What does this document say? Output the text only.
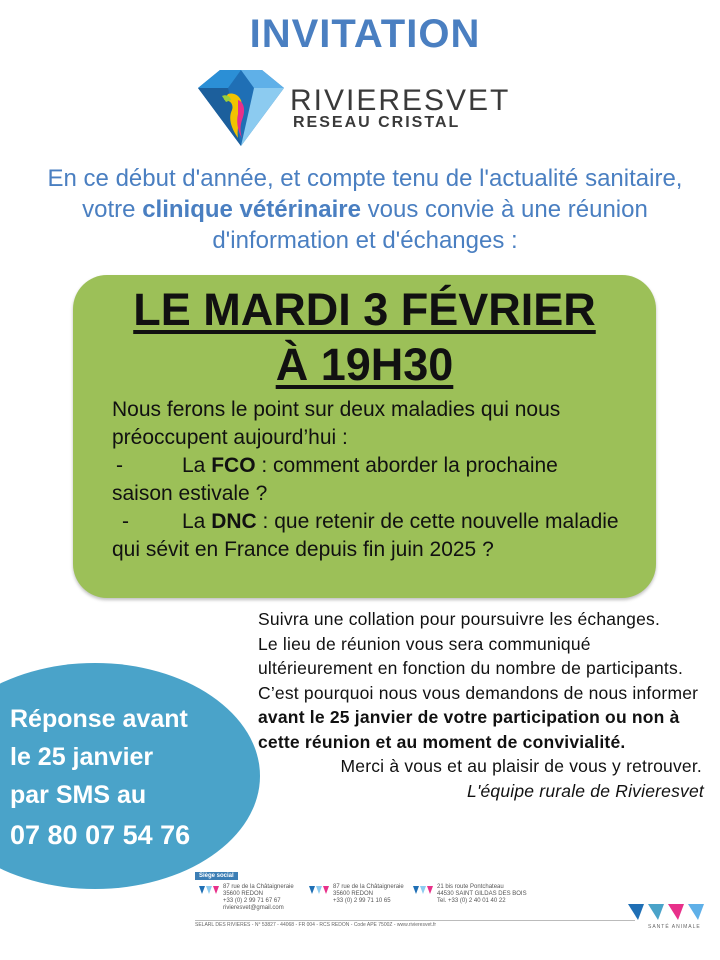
INVITATION
RIVIERESVET
RESEAU CRISTAL
En ce début d'année, et compte tenu de l'actualité sanitaire, votre clinique vétérinaire vous convie à une réunion d'information et d'échanges :
LE MARDI 3 FÉVRIER
À 19H30
Nous ferons le point sur deux maladies qui nous préoccupent aujourd’hui :
-	La FCO : comment aborder la prochaine saison estivale ?
-	La DNC : que retenir de cette nouvelle maladie qui sévit en France depuis fin juin 2025 ?
Réponse avant
le 25 janvier
par SMS au
07 80 07 54 76
Suivra une collation pour poursuivre les échanges.
Le lieu de réunion vous sera communiqué ultérieurement en fonction du nombre de participants. C’est pourquoi nous vous demandons de nous informer avant le 25 janvier de votre participation ou non à cette réunion et au moment de convivialité.
Merci à vous et au plaisir de vous y retrouver.
L'équipe rurale de Rivieresvet
Siège social
87 rue de la Châtaigneraie
35600 REDON
+33 (0) 2 99 71 67 67
rivieresvet@gmail.com
87 rue de la Châtaigneraie
35600 REDON
+33 (0) 2 99 71 10 65
21 bis route Pontchateau
44530 SAINT GILDAS DES BOIS
Tel. +33 (0) 2 40 01 40 22
SELARL DES RIVIERES - N° 53827 - 44068 - FR 004 - RCS REDON - Code APE 7500Z - www.rivieresvet.fr	SANTÉ ANIMALE
